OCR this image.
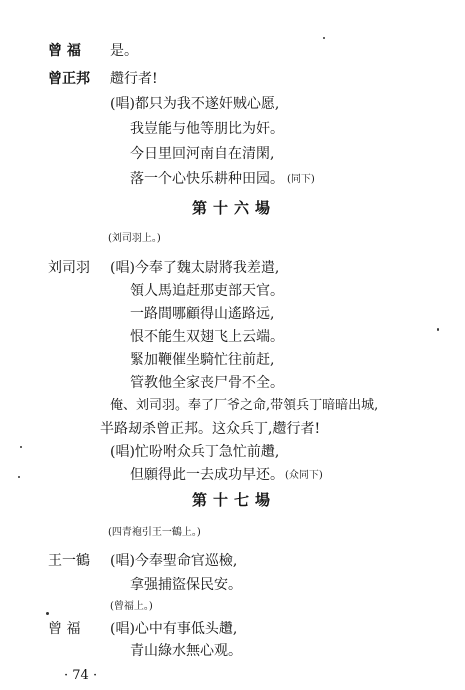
曾 福 是。
曾正邦 趱行者!
(唱)都只为我不遂奸贼心愿,
我豈能与他等朋比为奸。
今日里回河南自在清閑,
落一个心快乐耕种田园。 (同下)
第十六場
(刘司羽上。)
刘司羽 (唱)今奉了魏太尉將我差遣,
領人馬追赶那吏部天官。
一路間哪顧得山遙路远,
恨不能生双翅飞上云端。
緊加鞭催坐騎忙往前赶,
管教他全家丧尸骨不全。
俺、刘司羽。奉了厂爷之命,带領兵丁暗暗出城,
半路刼杀曾正邦。这众兵丁,趱行者!
(唱)忙吩咐众兵丁急忙前趲,
但願得此一去成功早还。 (众同下)
第十七場
(四青袍引王一鶴上。)
王一鶴 (唱)今奉聖命官巡檢,
拿强捕盜保民安。
(曾福上。)
曾 福 (唱)心中有事低头趲,
青山綠水無心观。
· 74 ·
